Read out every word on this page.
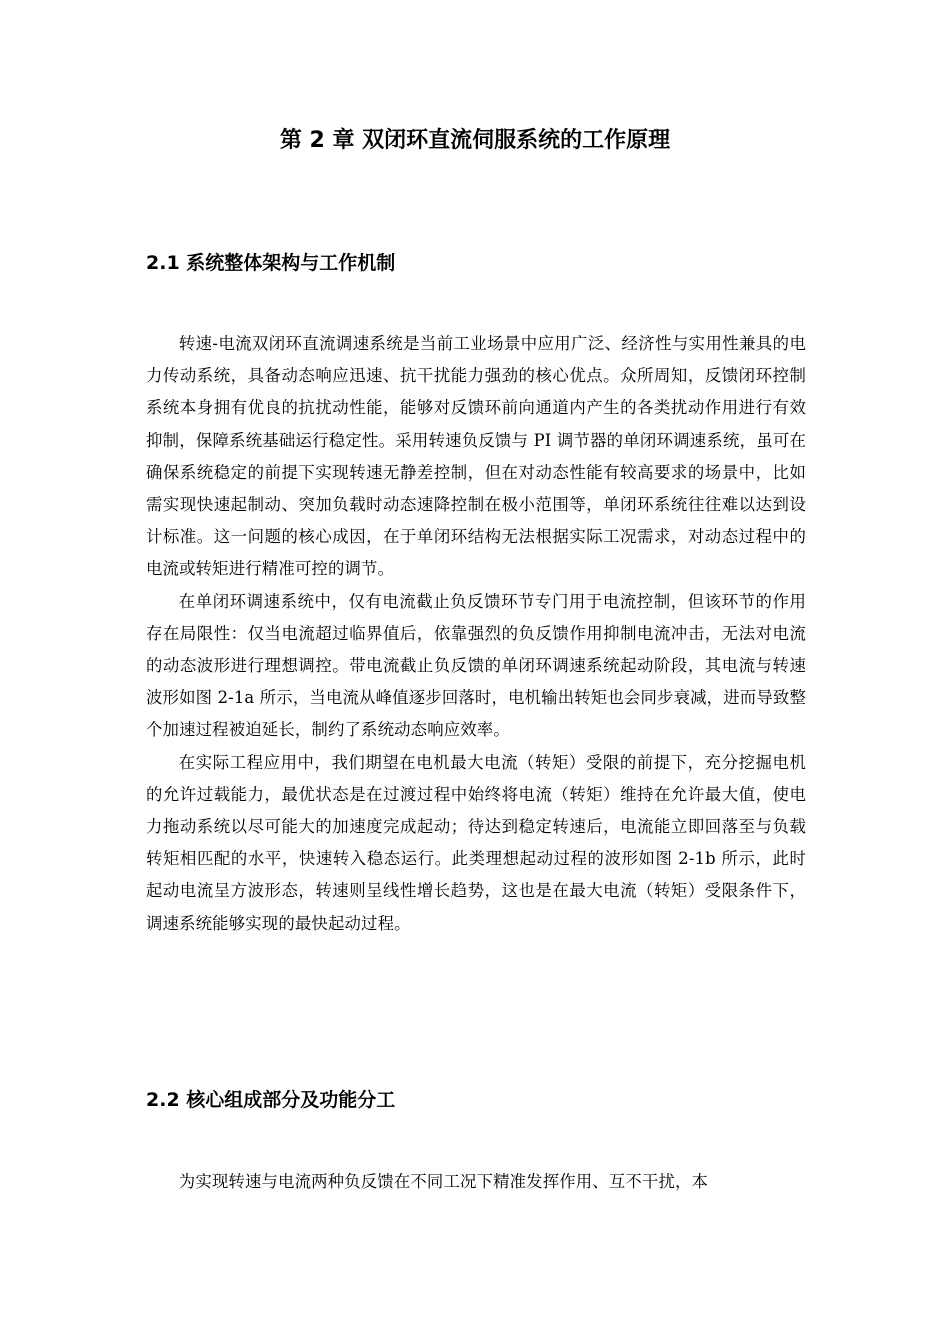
第 2 章 双闭环直流伺服系统的工作原理
2.1 系统整体架构与工作机制

转速-电流双闭环直流调速系统是当前工业场景中应用广泛、经济性与实用性兼具的电力传动系统，具备动态响应迅速、抗干扰能力强劲的核心优点。众所周知，反馈闭环控制系统本身拥有优良的抗扰动性能，能够对反馈环前向通道内产生的各类扰动作用进行有效抑制，保障系统基础运行稳定性。采用转速负反馈与 PI 调节器的单闭环调速系统，虽可在确保系统稳定的前提下实现转速无静差控制，但在对动态性能有较高要求的场景中，比如需实现快速起制动、突加负载时动态速降控制在极小范围等，单闭环系统往往难以达到设计标准。这一问题的核心成因，在于单闭环结构无法根据实际工况需求，对动态过程中的电流或转矩进行精准可控的调节。

在单闭环调速系统中，仅有电流截止负反馈环节专门用于电流控制，但该环节的作用存在局限性：仅当电流超过临界值后，依靠强烈的负反馈作用抑制电流冲击，无法对电流的动态波形进行理想调控。带电流截止负反馈的单闭环调速系统起动阶段，其电流与转速波形如图 2-1a 所示，当电流从峰值逐步回落时，电机输出转矩也会同步衰减，进而导致整个加速过程被迫延长，制约了系统动态响应效率。

在实际工程应用中，我们期望在电机最大电流（转矩）受限的前提下，充分挖掘电机的允许过载能力，最优状态是在过渡过程中始终将电流（转矩）维持在允许最大值，使电力拖动系统以尽可能大的加速度完成起动；待达到稳定转速后，电流能立即回落至与负载转矩相匹配的水平，快速转入稳态运行。此类理想起动过程的波形如图 2-1b 所示，此时起动电流呈方波形态，转速则呈线性增长趋势，这也是在最大电流（转矩）受限条件下，调速系统能够实现的最快起动过程。

2.2 核心组成部分及功能分工

为实现转速与电流两种负反馈在不同工况下精准发挥作用、互不干扰，本
